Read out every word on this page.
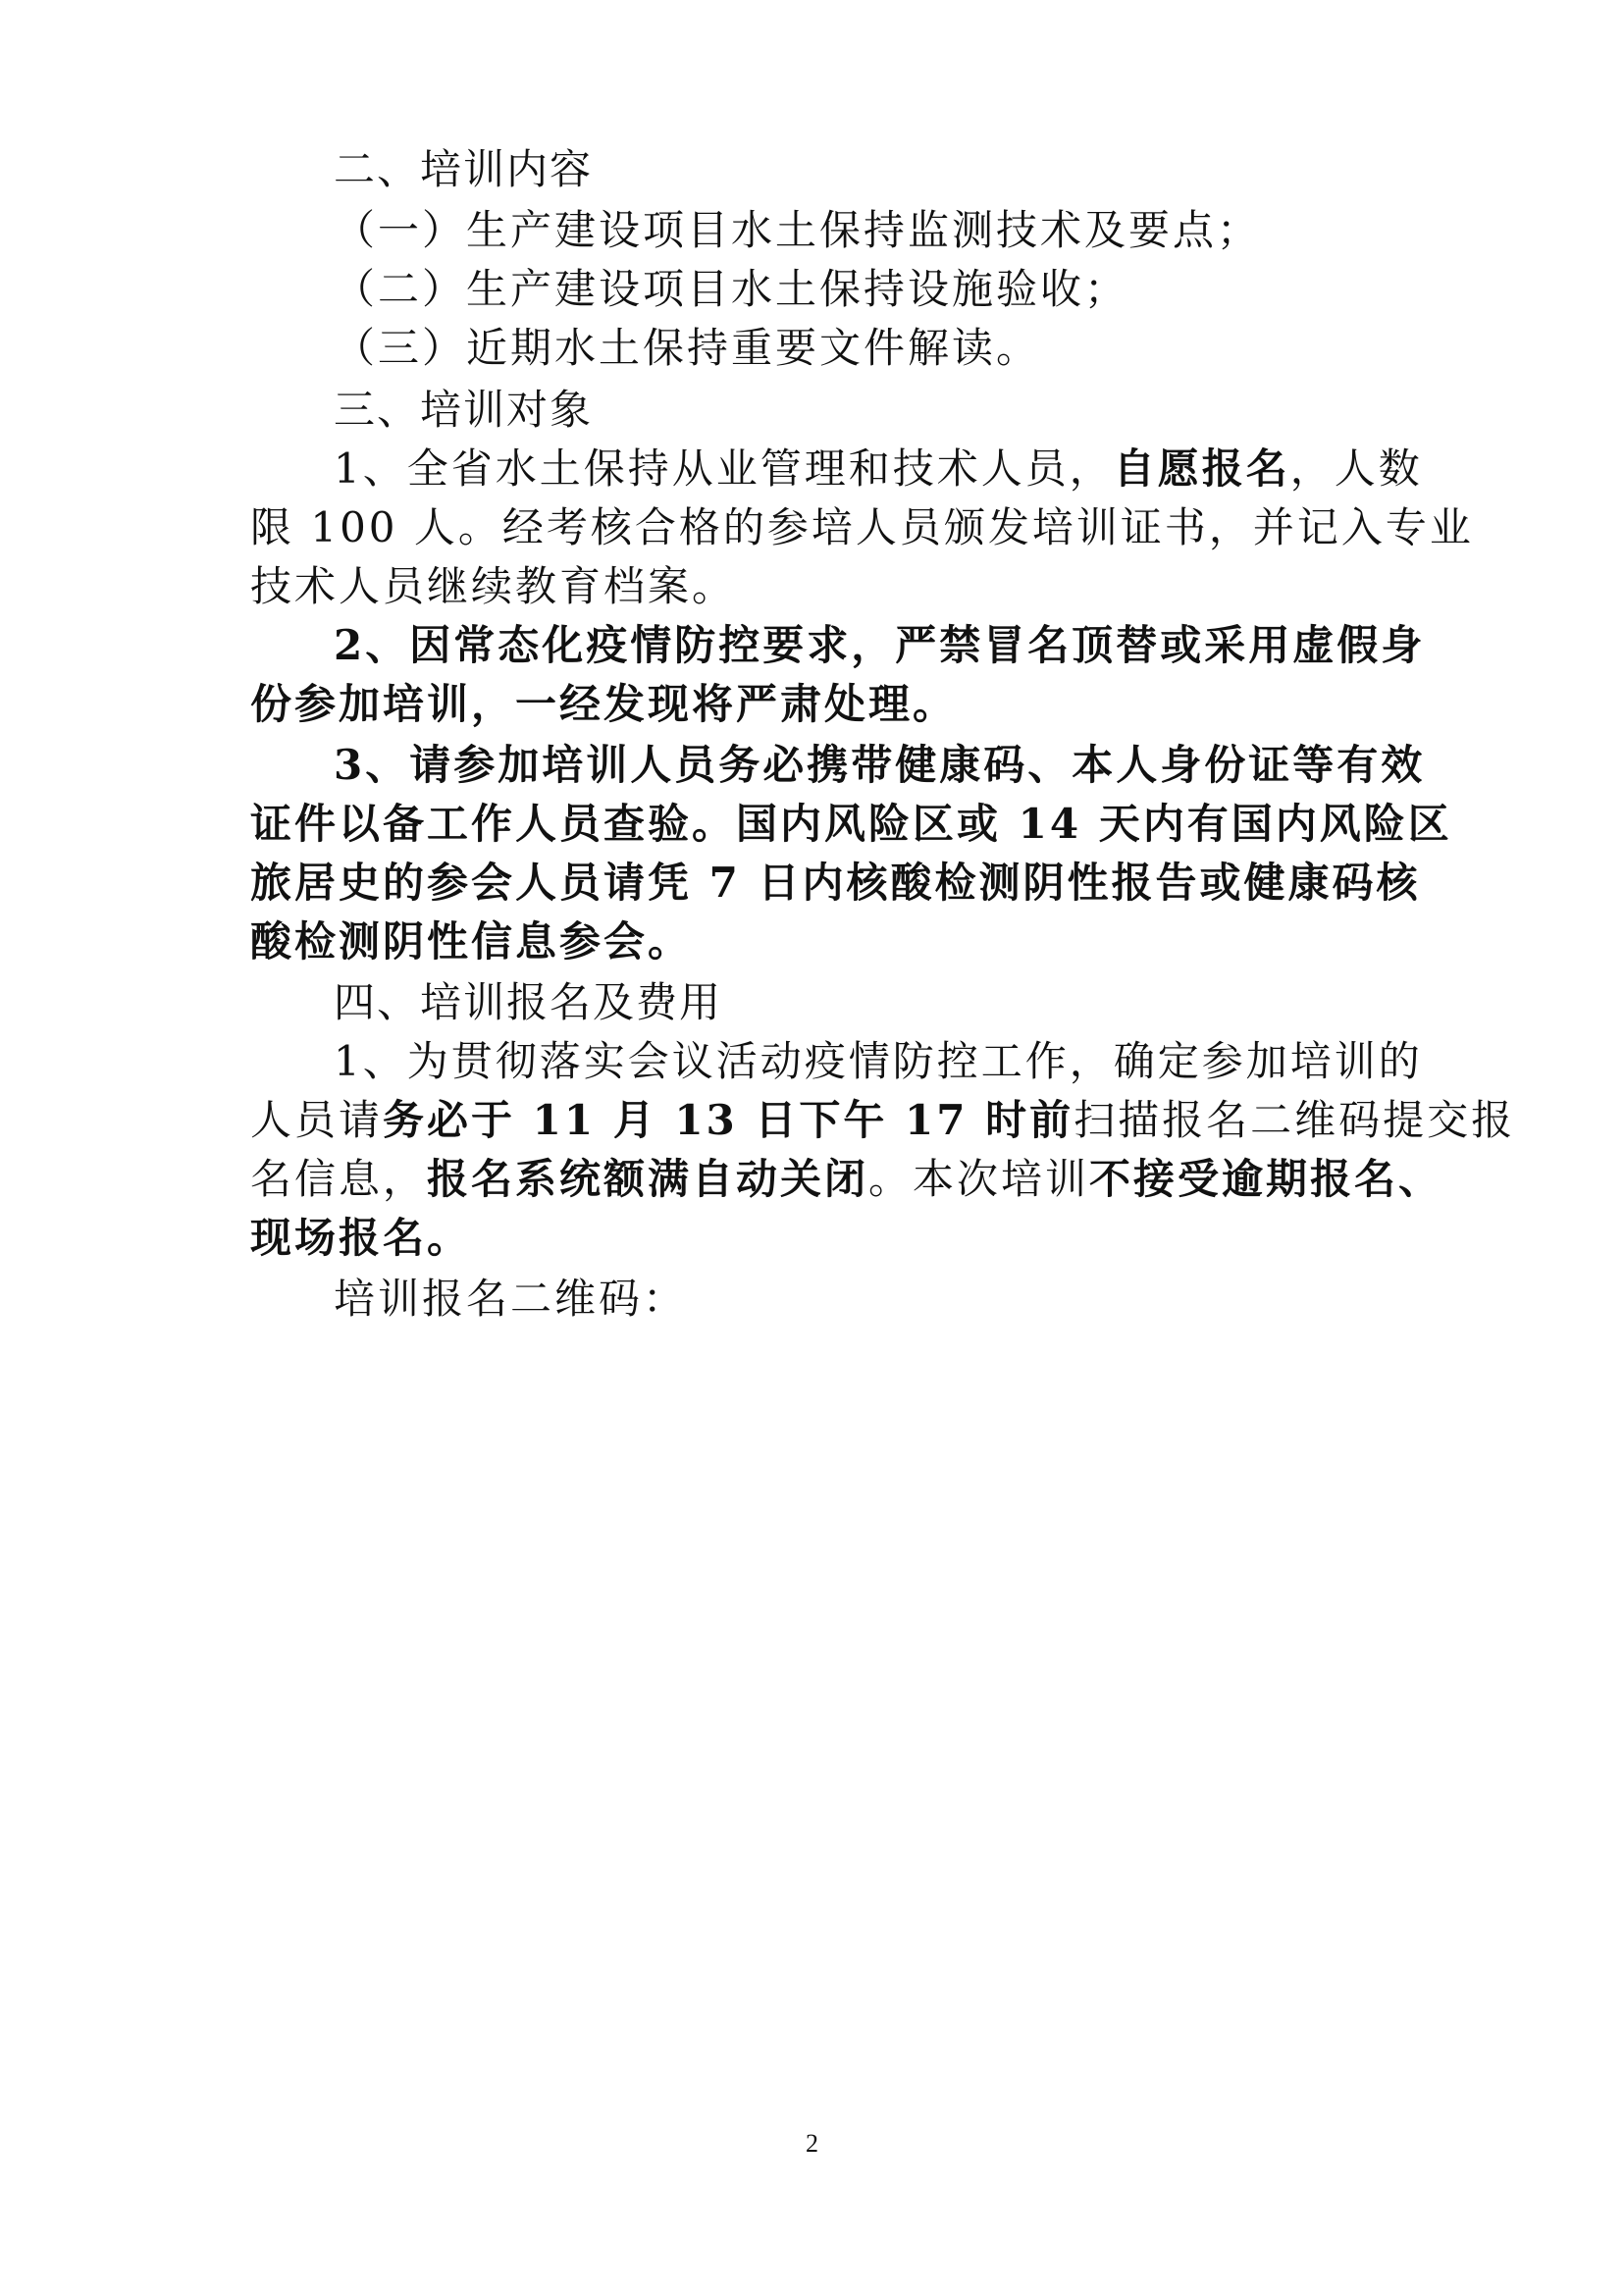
二、培训内容
（一）生产建设项目水土保持监测技术及要点；
（二）生产建设项目水土保持设施验收；
（三）近期水土保持重要文件解读。
三、培训对象
1、全省水土保持从业管理和技术人员，自愿报名，人数
限 100 人。经考核合格的参培人员颁发培训证书，并记入专业
技术人员继续教育档案。
2、因常态化疫情防控要求，严禁冒名顶替或采用虚假身
份参加培训，一经发现将严肃处理。
3、请参加培训人员务必携带健康码、本人身份证等有效
证件以备工作人员查验。国内风险区或 14 天内有国内风险区
旅居史的参会人员请凭 7 日内核酸检测阴性报告或健康码核
酸检测阴性信息参会。
四、培训报名及费用
1、为贯彻落实会议活动疫情防控工作，确定参加培训的
人员请务必于 11 月 13 日下午 17 时前扫描报名二维码提交报
名信息，报名系统额满自动关闭。本次培训不接受逾期报名、
现场报名。
培训报名二维码：
2
